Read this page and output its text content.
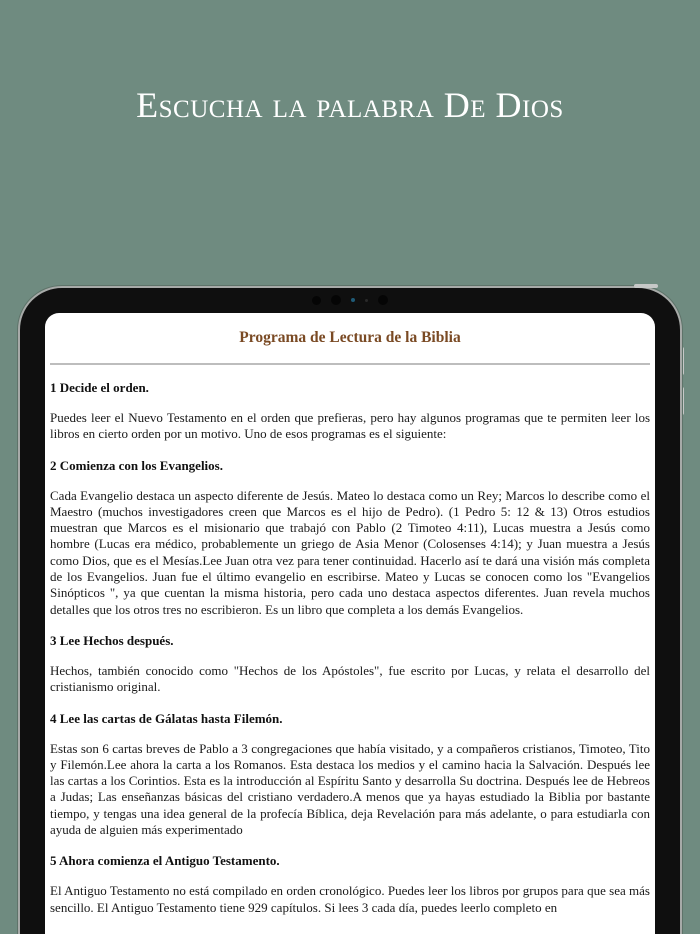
Escucha la palabra De Dios
Programa de Lectura de la Biblia
1 Decide el orden.

Puedes leer el Nuevo Testamento en el orden que prefieras, pero hay algunos programas que te permiten leer los libros en cierto orden por un motivo. Uno de esos programas es el siguiente:

2 Comienza con los Evangelios.

Cada Evangelio destaca un aspecto diferente de Jesús. Mateo lo destaca como un Rey; Marcos lo describe como el Maestro (muchos investigadores creen que Marcos es el hijo de Pedro). (1 Pedro 5: 12 & 13) Otros estudios muestran que Marcos es el misionario que trabajó con Pablo (2 Timoteo 4:11), Lucas muestra a Jesús como hombre (Lucas era médico, probablemente un griego de Asia Menor (Colosenses 4:14); y Juan muestra a Jesús como Dios, que es el Mesías.Lee Juan otra vez para tener continuidad. Hacerlo así te dará una visión más completa de los Evangelios. Juan fue el último evangelio en escribirse. Mateo y Lucas se conocen como los "Evangelios Sinópticos ", ya que cuentan la misma historia, pero cada uno destaca aspectos diferentes. Juan revela muchos detalles que los otros tres no escribieron. Es un libro que completa a los demás Evangelios.

3 Lee Hechos después.

Hechos, también conocido como "Hechos de los Apóstoles", fue escrito por Lucas, y relata el desarrollo del cristianismo original.

4 Lee las cartas de Gálatas hasta Filemón.

Estas son 6 cartas breves de Pablo a 3 congregaciones que había visitado, y a compañeros cristianos, Timoteo, Tito y Filemón.Lee ahora la carta a los Romanos. Esta destaca los medios y el camino hacia la Salvación. Después lee las cartas a los Corintios. Esta es la introducción al Espíritu Santo y desarrolla Su doctrina. Después lee de Hebreos a Judas; Las enseñanzas básicas del cristiano verdadero.A menos que ya hayas estudiado la Biblia por bastante tiempo, y tengas una idea general de la profecía Bíblica, deja Revelación para más adelante, o para estudiarla con ayuda de alguien más experimentado

5 Ahora comienza el Antiguo Testamento.

El Antiguo Testamento no está compilado en orden cronológico. Puedes leer los libros por grupos para que sea más sencillo. El Antiguo Testamento tiene 929 capítulos. Si lees 3 cada día, puedes leerlo completo en
